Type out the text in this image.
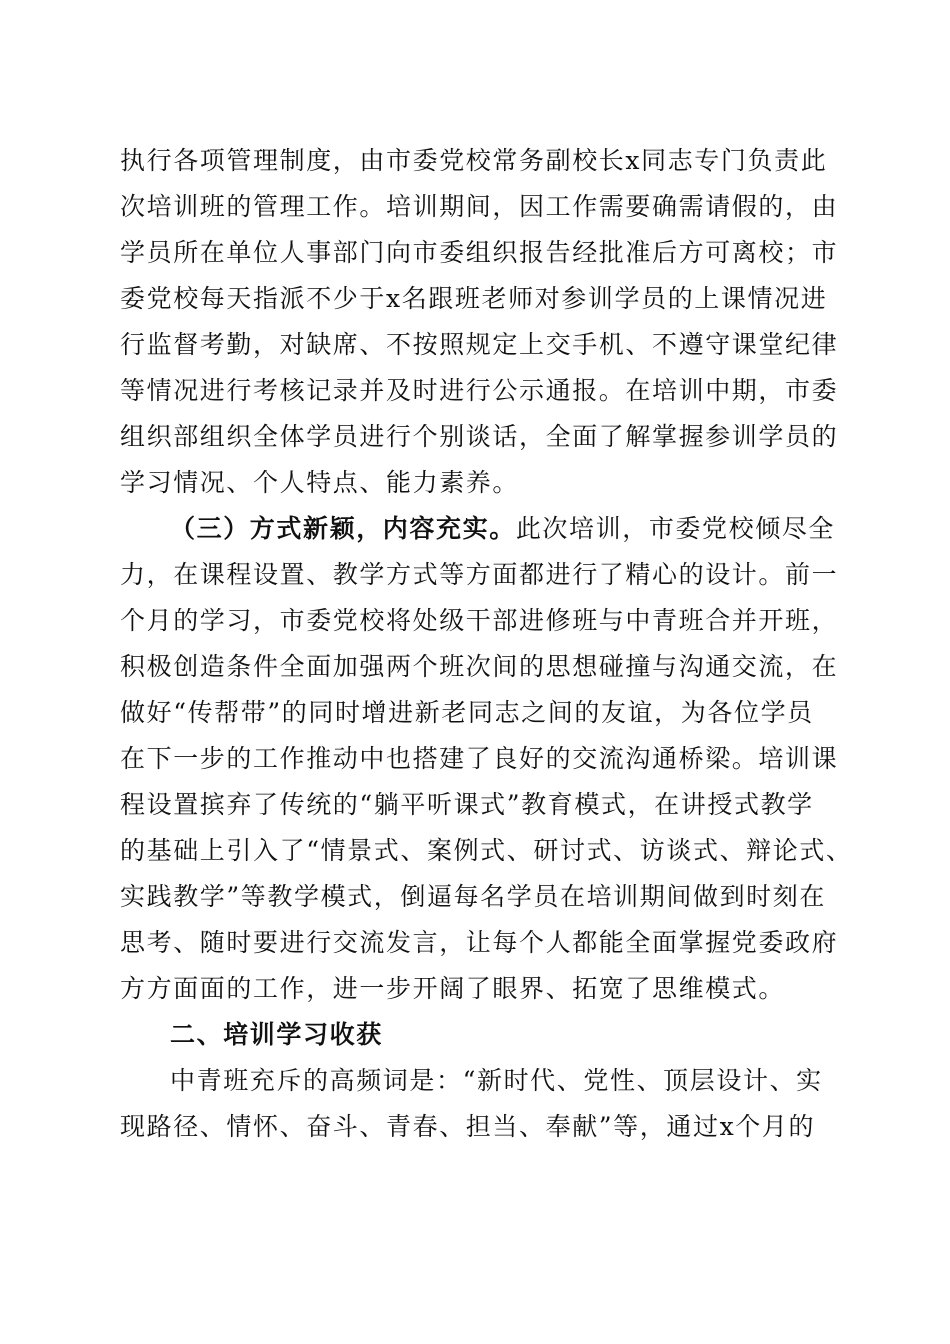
执行各项管理制度，由市委党校常务副校长x同志专门负责此
次培训班的管理工作。培训期间，因工作需要确需请假的，由
学员所在单位人事部门向市委组织报告经批准后方可离校；市
委党校每天指派不少于x名跟班老师对参训学员的上课情况进
行监督考勤，对缺席、不按照规定上交手机、不遵守课堂纪律
等情况进行考核记录并及时进行公示通报。在培训中期，市委
组织部组织全体学员进行个别谈话，全面了解掌握参训学员的
学习情况、个人特点、能力素养。
（三）方式新颖，内容充实。此次培训，市委党校倾尽全
力，在课程设置、教学方式等方面都进行了精心的设计。前一
个月的学习，市委党校将处级干部进修班与中青班合并开班，
积极创造条件全面加强两个班次间的思想碰撞与沟通交流，在
做好“传帮带”的同时增进新老同志之间的友谊，为各位学员
在下一步的工作推动中也搭建了良好的交流沟通桥梁。培训课
程设置摈弃了传统的“躺平听课式”教育模式，在讲授式教学
的基础上引入了“情景式、案例式、研讨式、访谈式、辩论式、
实践教学”等教学模式，倒逼每名学员在培训期间做到时刻在
思考、随时要进行交流发言，让每个人都能全面掌握党委政府
方方面面的工作，进一步开阔了眼界、拓宽了思维模式。
二、培训学习收获
中青班充斥的高频词是：“新时代、党性、顶层设计、实
现路径、情怀、奋斗、青春、担当、奉献”等，通过x个月的
